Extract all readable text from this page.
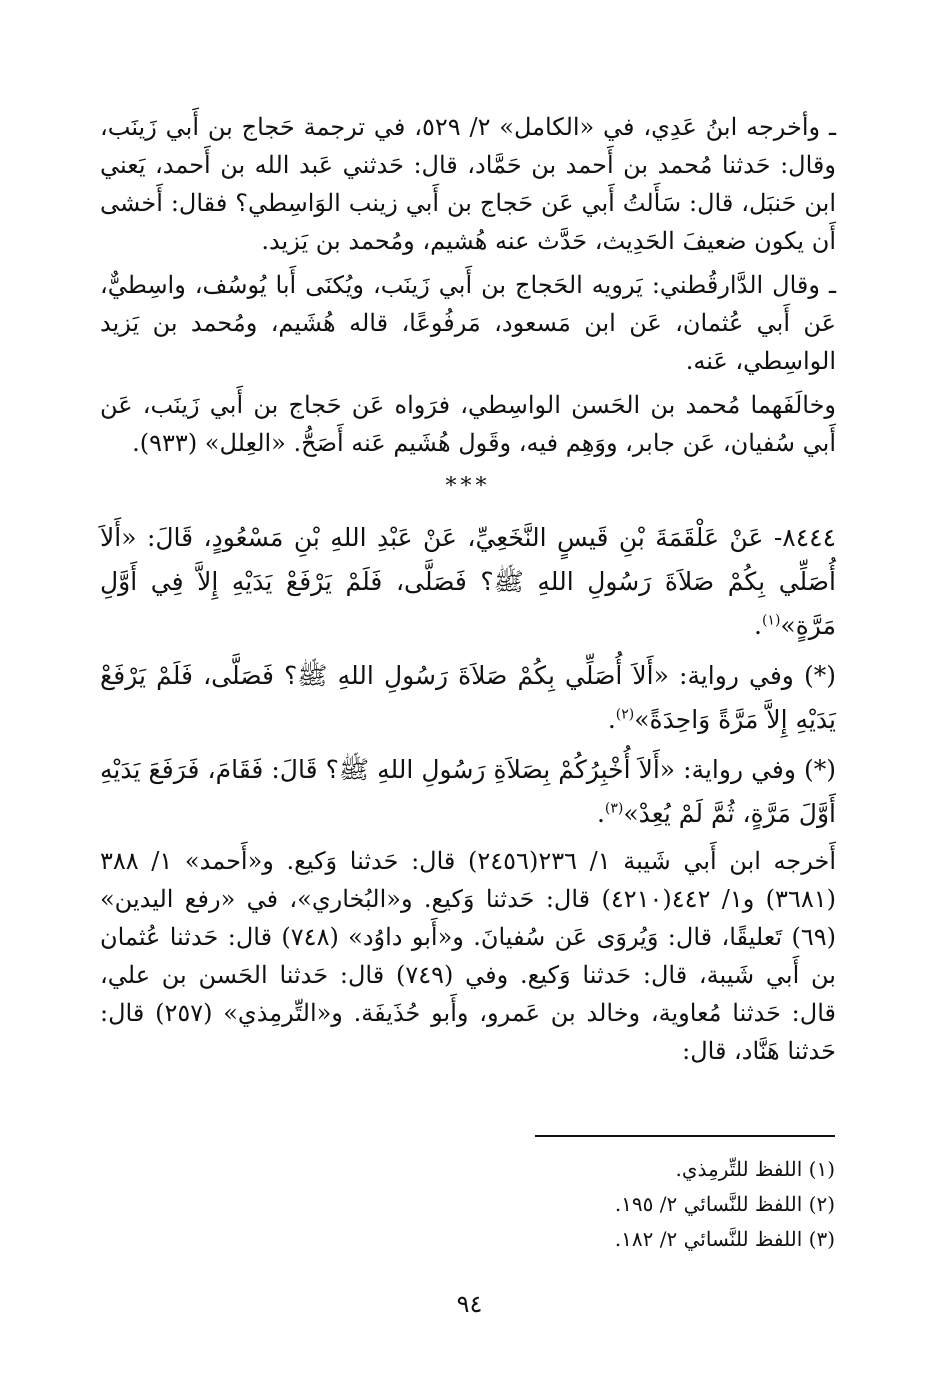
ـ وأخرجه ابنُ عَدِي، في «الكامل» ٢/ ٥٢٩، في ترجمة حَجاج بن أَبي زَينَب، وقال: حَدثنا مُحمد بن أَحمد بن حَمَّاد، قال: حَدثني عَبد الله بن أَحمد، يَعني ابن حَنبَل، قال: سَأَلتُ أَبي عَن حَجاج بن أَبي زينب الوَاسِطي؟ فقال: أَخشى أَن يكون ضعيفَ الحَدِيث، حَدَّث عنه هُشيم، ومُحمد بن يَزيد.

ـ وقال الدَّارقُطني: يَرويه الحَجاج بن أَبي زَينَب، ويُكنَى أَبا يُوسُف، واسِطيٌّ، عَن أَبي عُثمان، عَن ابن مَسعود، مَرفُوعًا، قاله هُشَيم، ومُحمد بن يَزيد الواسِطي، عَنه.

وخالَفَهما مُحمد بن الحَسن الواسِطي، فرَواه عَن حَجاج بن أَبي زَينَب، عَن أَبي سُفيان، عَن جابر، ووَهِم فيه، وقَول هُشَيم عَنه أَصَحُّ. «العِلل» (٩٣٣).

***

٨٤٤٤- عَنْ عَلْقَمَةَ بْنِ قَيسٍ النَّخَعِيِّ، عَنْ عَبْدِ اللهِ بْنِ مَسْعُودٍ، قَالَ: «أَلاَ أُصَلِّي بِكُمْ صَلاَةَ رَسُولِ اللهِ ﷺ؟ فَصَلَّى، فَلَمْ يَرْفَعْ يَدَيْهِ إِلاَّ فِي أَوَّلِ مَرَّةٍ»$^{(١)}$.

(*) وفي رواية: «أَلاَ أُصَلِّي بِكُمْ صَلاَةَ رَسُولِ اللهِ ﷺ؟ فَصَلَّى، فَلَمْ يَرْفَعْ يَدَيْهِ إِلاَّ مَرَّةً وَاحِدَةً»$^{(٢)}$.

(*) وفي رواية: «أَلاَ أُخْبِرُكُمْ بِصَلاَةِ رَسُولِ اللهِ ﷺ؟ قَالَ: فَقَامَ، فَرَفَعَ يَدَيْهِ أَوَّلَ مَرَّةٍ، ثُمَّ لَمْ يُعِدْ»$^{(٣)}$.

أَخرجه ابن أَبي شَيبة ١/ ٢٣٦(٢٤٥٦) قال: حَدثنا وَكيع. و«أَحمد» ١/ ٣٨٨ (٣٦٨١) و١/ ٤٤٢(٤٢١٠) قال: حَدثنا وَكيع. و«البُخاري»، في «رفع اليدين» (٦٩) تَعليقًا، قال: وَيُروَى عَن سُفيانَ. و«أَبو داوُد» (٧٤٨) قال: حَدثنا عُثمان بن أَبي شَيبة، قال: حَدثنا وَكيع. وفي (٧٤٩) قال: حَدثنا الحَسن بن علي، قال: حَدثنا مُعاوية، وخالد بن عَمرو، وأَبو حُذَيفَة. و«التِّرمِذي» (٢٥٧) قال: حَدثنا هَنَّاد، قال:

(١) اللفظ للتِّرمِذي.

(٢) اللفظ للنَّسائي ٢/ ١٩٥.

(٣) اللفظ للنَّسائي ٢/ ١٨٢.

٩٤
